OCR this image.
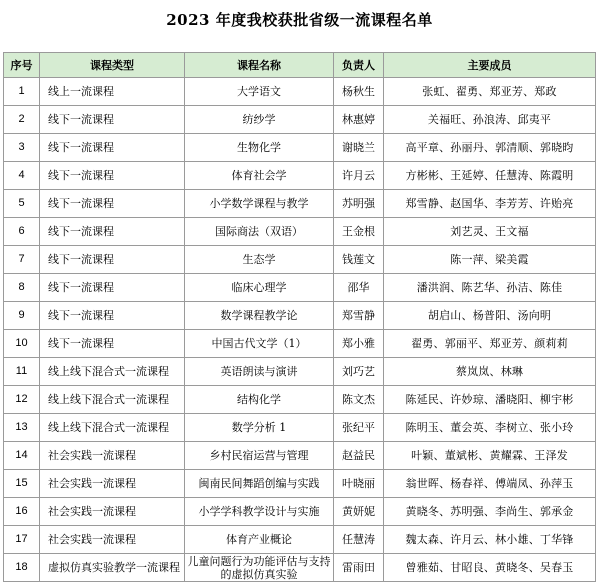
2023 年度我校获批省级一流课程名单
序号	课程类型	课程名称	负责人	主要成员
1	线上一流课程	大学语文	杨秋生	张虹、翟勇、郑亚芳、郑政
2	线下一流课程	纺纱学	林惠婷	关福旺、孙浪涛、邱夷平
3	线下一流课程	生物化学	谢晓兰	高平章、孙丽丹、郭清顺、郭晓昀
4	线下一流课程	体育社会学	许月云	方彬彬、王延婷、任慧涛、陈霞明
5	线下一流课程	小学数学课程与教学	苏明强	郑雪静、赵国华、李芳芳、许贻亮
6	线下一流课程	国际商法（双语）	王金根	刘艺灵、王文福
7	线下一流课程	生态学	钱莲文	陈一萍、梁美霞
8	线下一流课程	临床心理学	邵华	潘洪润、陈艺华、孙洁、陈佳
9	线下一流课程	数学课程教学论	郑雪静	胡启山、杨普阳、汤向明
10	线下一流课程	中国古代文学（1）	郑小雅	翟勇、郭丽平、郑亚芳、颜莉莉
11	线上线下混合式一流课程	英语朗读与演讲	刘巧艺	蔡岚岚、林琳
12	线上线下混合式一流课程	结构化学	陈文杰	陈延民、许妙琼、潘晓阳、柳宇彬
13	线上线下混合式一流课程	数学分析 1	张纪平	陈明玉、董会英、李树立、张小玲
14	社会实践一流课程	乡村民宿运营与管理	赵益民	叶颖、董斌彬、黄耀霖、王泽发
15	社会实践一流课程	闽南民间舞蹈创编与实践	叶晓丽	翁世晖、杨春祥、傅端凤、孙萍玉
16	社会实践一流课程	小学学科教学设计与实施	黄妍妮	黄晓冬、苏明强、李尚生、郭承金
17	社会实践一流课程	体育产业概论	任慧涛	魏太森、许月云、林小雄、丁华锋
18	虚拟仿真实验教学一流课程	儿童问题行为功能评估与支持的虚拟仿真实验	雷雨田	曾雅茹、甘昭良、黄晓冬、吴春玉
